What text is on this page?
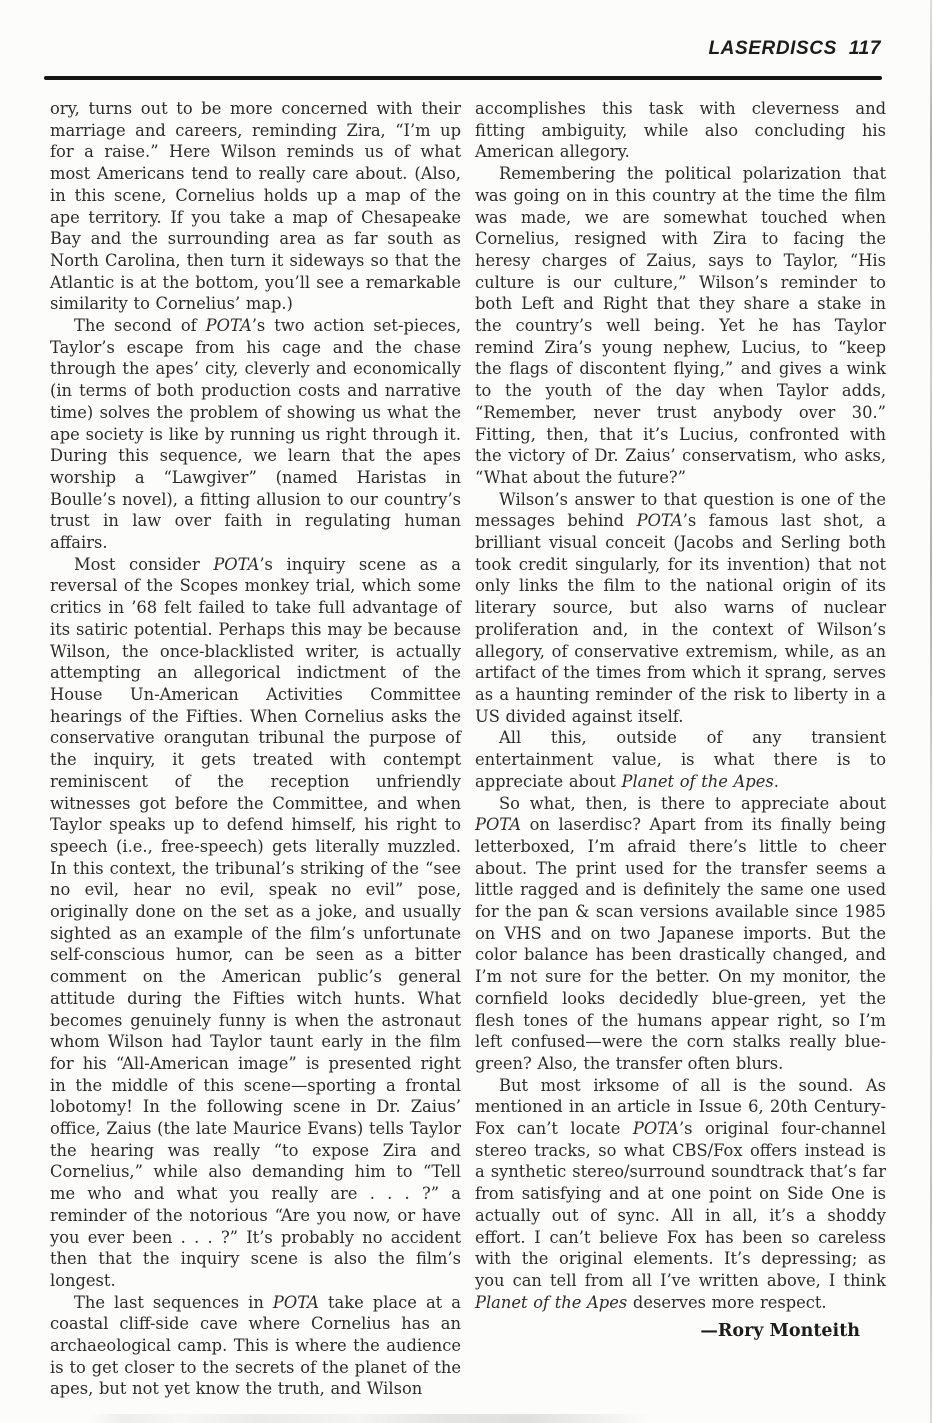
LASERDISCS 117

ory, turns out to be more concerned with their marriage and careers, reminding Zira, “I’m up for a raise.” Here Wilson reminds us of what most Americans tend to really care about. (Also, in this scene, Cornelius holds up a map of the ape territory. If you take a map of Chesapeake Bay and the surrounding area as far south as North Carolina, then turn it sideways so that the Atlantic is at the bottom, you’ll see a remarkable similarity to Cornelius’ map.)

The second of POTA’s two action set-pieces, Taylor’s escape from his cage and the chase through the apes’ city, cleverly and economically (in terms of both production costs and narrative time) solves the problem of showing us what the ape society is like by running us right through it. During this sequence, we learn that the apes worship a “Lawgiver” (named Haristas in Boulle’s novel), a fitting allusion to our country’s trust in law over faith in regulating human affairs.

Most consider POTA’s inquiry scene as a reversal of the Scopes monkey trial, which some critics in ’68 felt failed to take full advantage of its satiric potential. Perhaps this may be because Wilson, the once-blacklisted writer, is actually attempting an allegorical indictment of the House Un-American Activities Committee hearings of the Fifties. When Cornelius asks the conservative orangutan tribunal the purpose of the inquiry, it gets treated with contempt reminiscent of the reception unfriendly witnesses got before the Committee, and when Taylor speaks up to defend himself, his right to speech (i.e., free-speech) gets literally muzzled. In this context, the tribunal’s striking of the “see no evil, hear no evil, speak no evil” pose, originally done on the set as a joke, and usually sighted as an example of the film’s unfortunate self-conscious humor, can be seen as a bitter comment on the American public’s general attitude during the Fifties witch hunts. What becomes genuinely funny is when the astronaut whom Wilson had Taylor taunt early in the film for his “All-American image” is presented right in the middle of this scene—sporting a frontal lobotomy! In the following scene in Dr. Zaius’ office, Zaius (the late Maurice Evans) tells Taylor the hearing was really “to expose Zira and Cornelius,” while also demanding him to “Tell me who and what you really are . . . ?” a reminder of the notorious “Are you now, or have you ever been . . . ?” It’s probably no accident then that the inquiry scene is also the film’s longest.

The last sequences in POTA take place at a coastal cliff-side cave where Cornelius has an archaeological camp. This is where the audience is to get closer to the secrets of the planet of the apes, but not yet know the truth, and Wilson

accomplishes this task with cleverness and fitting ambiguity, while also concluding his American allegory.

Remembering the political polarization that was going on in this country at the time the film was made, we are somewhat touched when Cornelius, resigned with Zira to facing the heresy charges of Zaius, says to Taylor, “His culture is our culture,” Wilson’s reminder to both Left and Right that they share a stake in the country’s well being. Yet he has Taylor remind Zira’s young nephew, Lucius, to “keep the flags of discontent flying,” and gives a wink to the youth of the day when Taylor adds, “Remember, never trust anybody over 30.” Fitting, then, that it’s Lucius, confronted with the victory of Dr. Zaius’ conservatism, who asks, “What about the future?”

Wilson’s answer to that question is one of the messages behind POTA’s famous last shot, a brilliant visual conceit (Jacobs and Serling both took credit singularly, for its invention) that not only links the film to the national origin of its literary source, but also warns of nuclear proliferation and, in the context of Wilson’s allegory, of conservative extremism, while, as an artifact of the times from which it sprang, serves as a haunting reminder of the risk to liberty in a US divided against itself.

All this, outside of any transient entertainment value, is what there is to appreciate about Planet of the Apes.

So what, then, is there to appreciate about POTA on laserdisc? Apart from its finally being letterboxed, I’m afraid there’s little to cheer about. The print used for the transfer seems a little ragged and is definitely the same one used for the pan & scan versions available since 1985 on VHS and on two Japanese imports. But the color balance has been drastically changed, and I’m not sure for the better. On my monitor, the cornfield looks decidedly blue-green, yet the flesh tones of the humans appear right, so I’m left confused—were the corn stalks really blue-green? Also, the transfer often blurs.

But most irksome of all is the sound. As mentioned in an article in Issue 6, 20th Century-Fox can’t locate POTA’s original four-channel stereo tracks, so what CBS/Fox offers instead is a synthetic stereo/surround soundtrack that’s far from satisfying and at one point on Side One is actually out of sync. All in all, it’s a shoddy effort. I can’t believe Fox has been so careless with the original elements. It’s depressing; as you can tell from all I’ve written above, I think Planet of the Apes deserves more respect.

—Rory Monteith
